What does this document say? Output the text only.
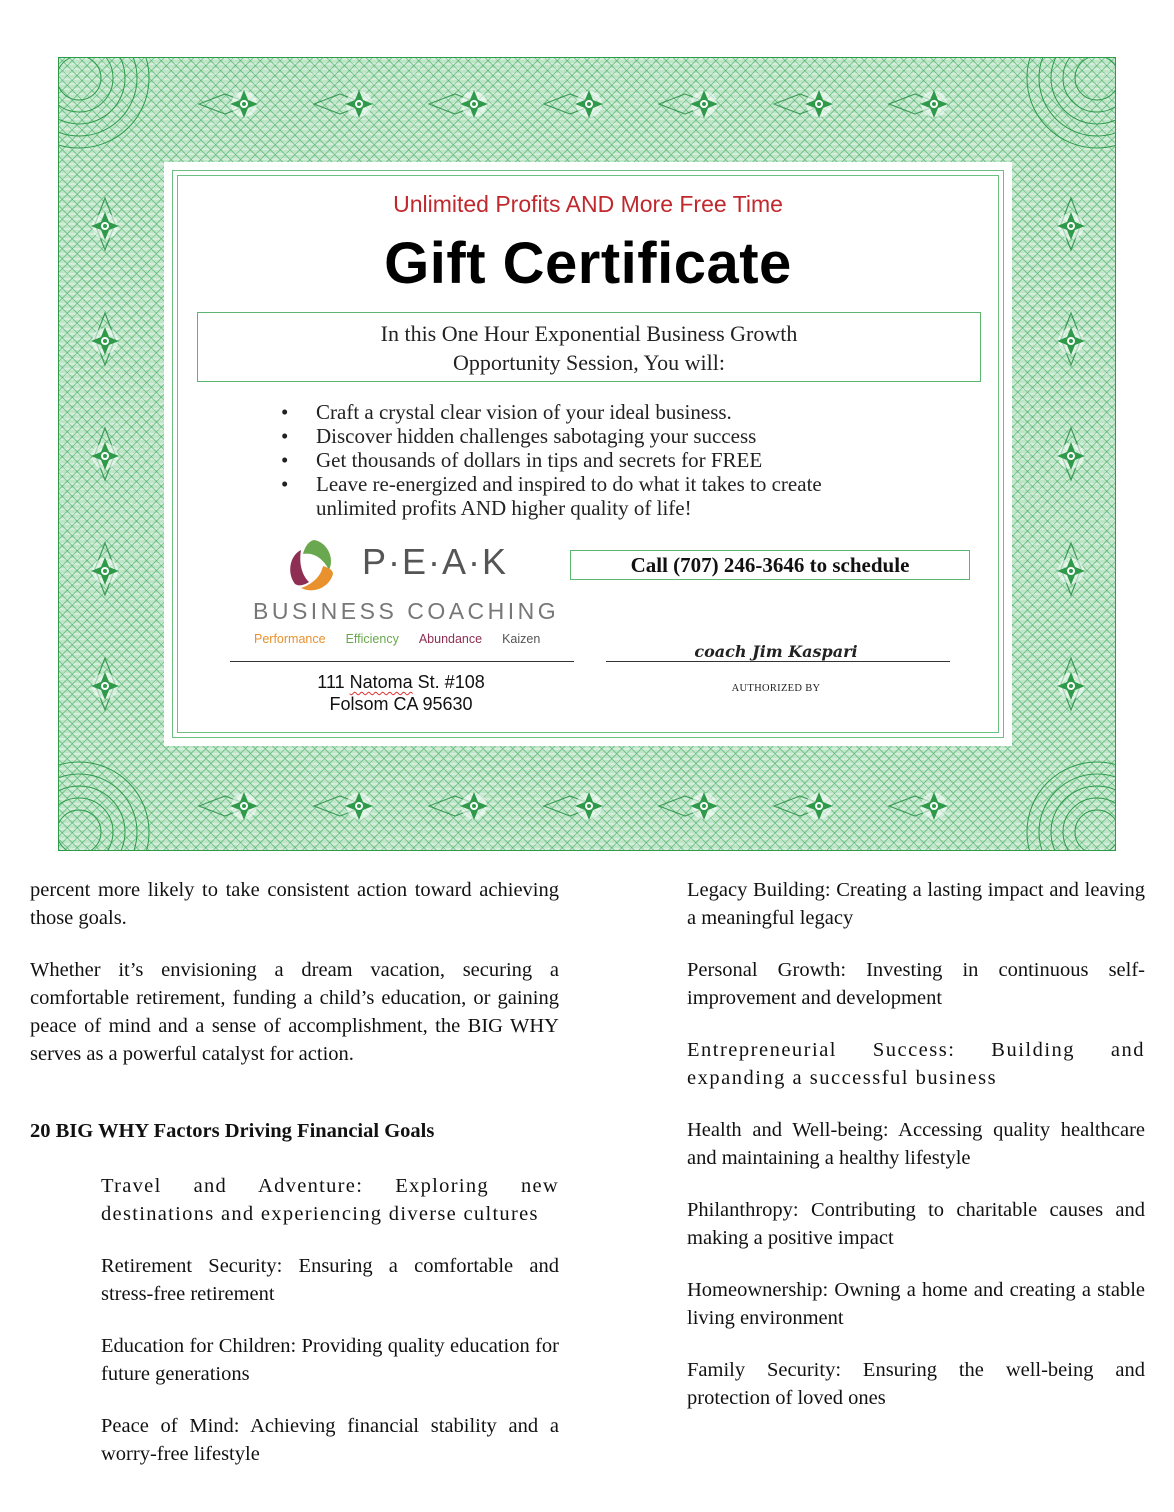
Unlimited Profits AND More Free Time
Gift Certificate
In this One Hour Exponential Business Growth
Opportunity Session, You will:
• Craft a crystal clear vision of your ideal business.
• Discover hidden challenges sabotaging your success
• Get thousands of dollars in tips and secrets for FREE
• Leave re-energized and inspired to do what it takes to create unlimited profits AND higher quality of life!
P·E·A·K
BUSINESS COACHING
Performance Efficiency Abundance Kaizen
Call (707) 246-3646 to schedule
coach Jim Kaspari
111 Natoma St. #108
Folsom CA 95630
AUTHORIZED BY

percent more likely to take consistent action toward achieving those goals.

Whether it’s envisioning a dream vacation, securing a comfortable retirement, funding a child’s education, or gaining peace of mind and a sense of accomplishment, the BIG WHY serves as a powerful catalyst for action.

20 BIG WHY Factors Driving Financial Goals

Travel and Adventure: Exploring new destinations and experiencing diverse cultures

Retirement Security: Ensuring a comfortable and stress-free retirement

Education for Children: Providing quality education for future generations

Peace of Mind: Achieving financial stability and a worry-free lifestyle

Legacy Building: Creating a lasting impact and leaving a meaningful legacy

Personal Growth: Investing in continuous self-improvement and development

Entrepreneurial Success: Building and expanding a successful business

Health and Well-being: Accessing quality healthcare and maintaining a healthy lifestyle

Philanthropy: Contributing to charitable causes and making a positive impact

Homeownership: Owning a home and creating a stable living environment

Family Security: Ensuring the well-being and protection of loved ones
